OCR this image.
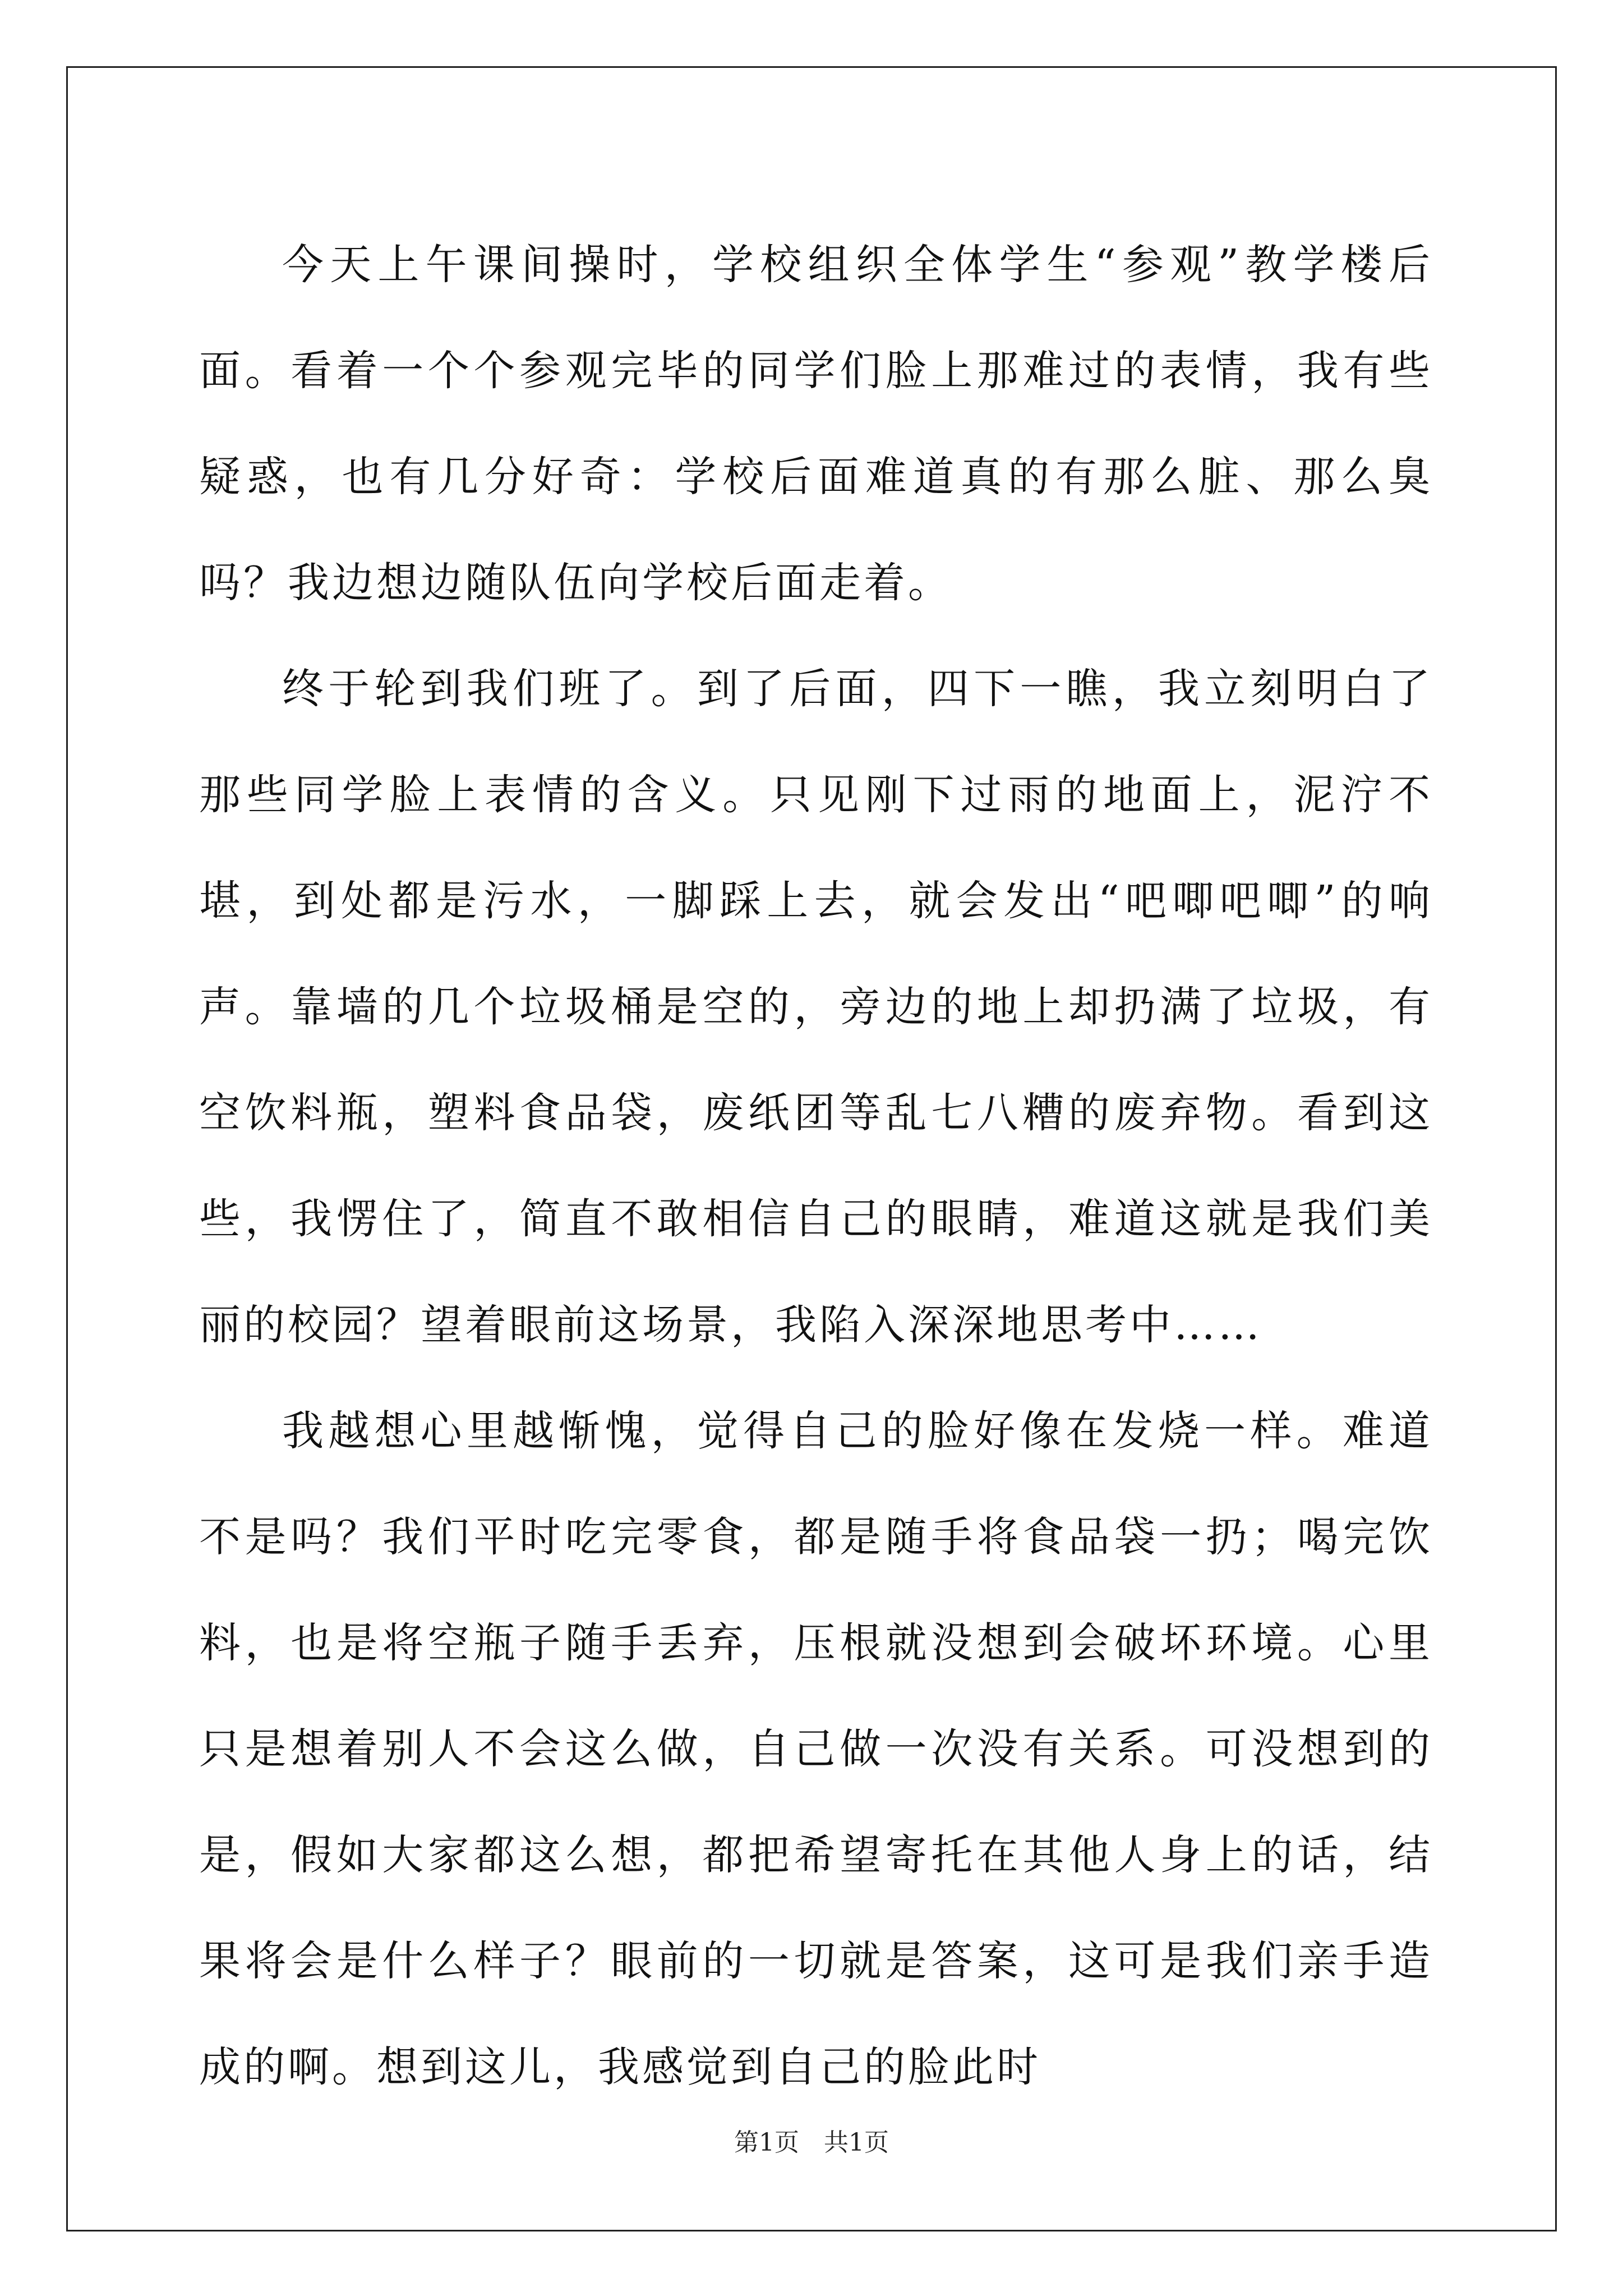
今天上午课间操时，学校组织全体学生“参观”教学楼后面。看着一个个参观完毕的同学们脸上那难过的表情，我有些疑惑，也有几分好奇：学校后面难道真的有那么脏、那么臭吗？我边想边随队伍向学校后面走着。

终于轮到我们班了。到了后面，四下一瞧，我立刻明白了那些同学脸上表情的含义。只见刚下过雨的地面上，泥泞不堪，到处都是污水，一脚踩上去，就会发出“吧唧吧唧”的响声。靠墙的几个垃圾桶是空的，旁边的地上却扔满了垃圾，有空饮料瓶，塑料食品袋，废纸团等乱七八糟的废弃物。看到这些，我愣住了，简直不敢相信自己的眼睛，难道这就是我们美丽的校园？望着眼前这场景，我陷入深深地思考中……

我越想心里越惭愧，觉得自己的脸好像在发烧一样。难道不是吗？我们平时吃完零食，都是随手将食品袋一扔；喝完饮料，也是将空瓶子随手丢弃，压根就没想到会破坏环境。心里只是想着别人不会这么做，自己做一次没有关系。可没想到的是，假如大家都这么想，都把希望寄托在其他人身上的话，结果将会是什么样子？眼前的一切就是答案，这可是我们亲手造成的啊。想到这儿，我感觉到自己的脸此时

第1页　共1页
